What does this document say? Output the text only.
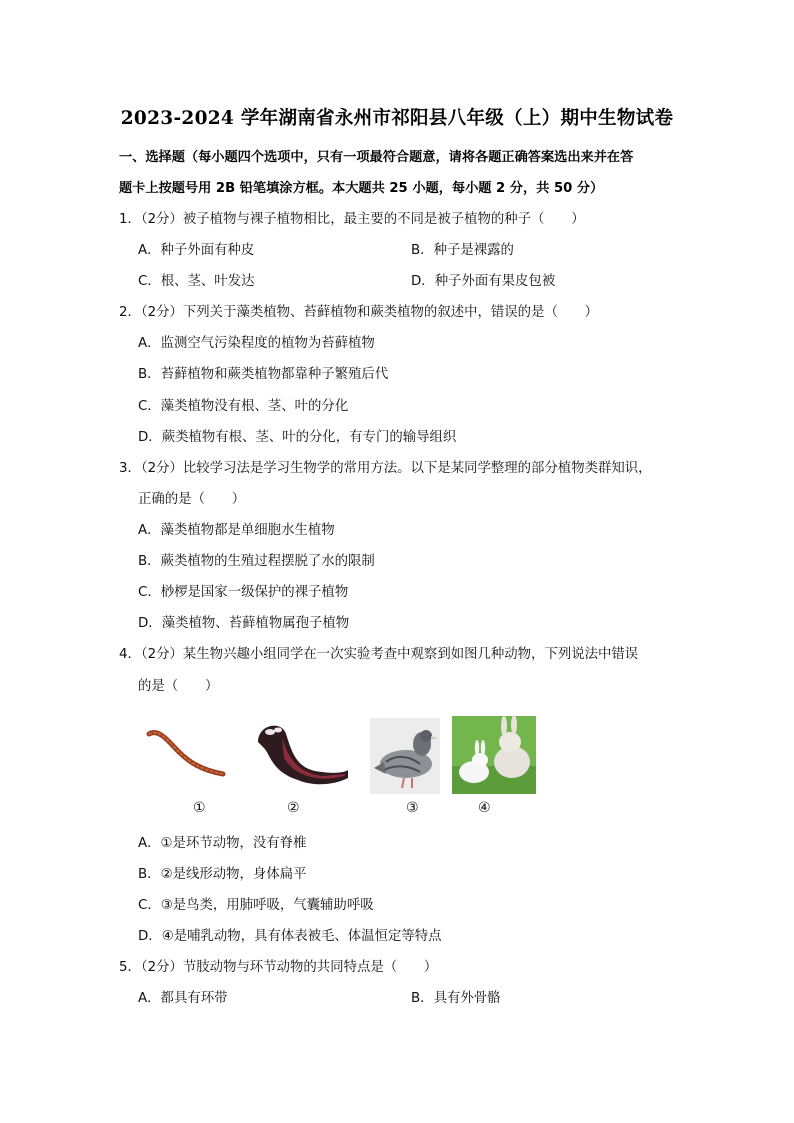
2023-2024 学年湖南省永州市祁阳县八年级（上）期中生物试卷
一、选择题（每小题四个选项中，只有一项最符合题意，请将各题正确答案选出来并在答
题卡上按题号用 2B 铅笔填涂方框。本大题共 25 小题，每小题 2 分，共 50 分）
1．（2分）被子植物与裸子植物相比，最主要的不同是被子植物的种子（　　）
A．种子外面有种皮	B．种子是裸露的
C．根、茎、叶发达	D．种子外面有果皮包被
2．（2分）下列关于藻类植物、苔藓植物和蕨类植物的叙述中，错误的是（　　）
A．监测空气污染程度的植物为苔藓植物
B．苔藓植物和蕨类植物都靠种子繁殖后代
C．藻类植物没有根、茎、叶的分化
D．蕨类植物有根、茎、叶的分化，有专门的输导组织
3．（2分）比较学习法是学习生物学的常用方法。以下是某同学整理的部分植物类群知识，
正确的是（　　）
A．藻类植物都是单细胞水生植物
B．蕨类植物的生殖过程摆脱了水的限制
C．桫椤是国家一级保护的裸子植物
D．藻类植物、苔藓植物属孢子植物
4．（2分）某生物兴趣小组同学在一次实验考查中观察到如图几种动物，下列说法中错误
的是（　　）
①	②	③	④
A．①是环节动物，没有脊椎
B．②是线形动物，身体扁平
C．③是鸟类，用肺呼吸，气囊辅助呼吸
D．④是哺乳动物，具有体表被毛、体温恒定等特点
5．（2分）节肢动物与环节动物的共同特点是（　　）
A．都具有环带	B．具有外骨骼
